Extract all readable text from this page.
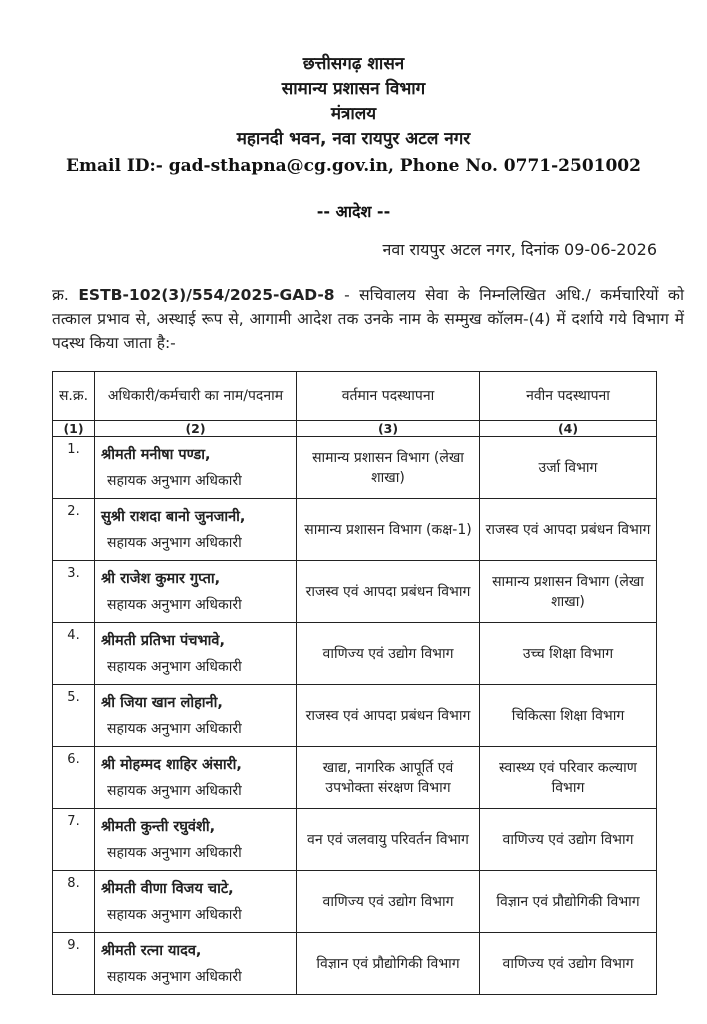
छत्तीसगढ़ शासन
सामान्य प्रशासन विभाग
मंत्रालय
महानदी भवन, नवा रायपुर अटल नगर
Email ID:- gad-sthapna@cg.gov.in, Phone No. 0771-2501002
-- आदेश --
नवा रायपुर अटल नगर, दिनांक 09-06-2026
क्र. ESTB-102(3)/554/2025-GAD-8 - सचिवालय सेवा के निम्नलिखित अधि./ कर्मचारियों को तत्काल प्रभाव से, अस्थाई रूप से, आगामी आदेश तक उनके नाम के सम्मुख कॉलम-(4) में दर्शाये गये विभाग में पदस्थ किया जाता है:-
स.क्र.	अधिकारी/कर्मचारी का नाम/पदनाम	वर्तमान पदस्थापना	नवीन पदस्थापना
(1)	(2)	(3)	(4)
1.	श्रीमती मनीषा पण्डा,
सहायक अनुभाग अधिकारी	सामान्य प्रशासन विभाग (लेखा शाखा)	उर्जा विभाग
2.	सुश्री राशदा बानो जुनजानी,
सहायक अनुभाग अधिकारी	सामान्य प्रशासन विभाग (कक्ष-1)	राजस्व एवं आपदा प्रबंधन विभाग
3.	श्री राजेश कुमार गुप्ता,
सहायक अनुभाग अधिकारी	राजस्व एवं आपदा प्रबंधन विभाग	सामान्य प्रशासन विभाग (लेखा शाखा)
4.	श्रीमती प्रतिभा पंचभावे,
सहायक अनुभाग अधिकारी	वाणिज्य एवं उद्योग विभाग	उच्च शिक्षा विभाग
5.	श्री जिया खान लोहानी,
सहायक अनुभाग अधिकारी	राजस्व एवं आपदा प्रबंधन विभाग	चिकित्सा शिक्षा विभाग
6.	श्री मोहम्मद शाहिर अंसारी,
सहायक अनुभाग अधिकारी	खाद्य, नागरिक आपूर्ति एवं उपभोक्ता संरक्षण विभाग	स्वास्थ्य एवं परिवार कल्याण विभाग
7.	श्रीमती कुन्ती रघुवंशी,
सहायक अनुभाग अधिकारी	वन एवं जलवायु परिवर्तन विभाग	वाणिज्य एवं उद्योग विभाग
8.	श्रीमती वीणा विजय चाटे,
सहायक अनुभाग अधिकारी	वाणिज्य एवं उद्योग विभाग	विज्ञान एवं प्रौद्योगिकी विभाग
9.	श्रीमती रत्ना यादव,
सहायक अनुभाग अधिकारी	विज्ञान एवं प्रौद्योगिकी विभाग	वाणिज्य एवं उद्योग विभाग
